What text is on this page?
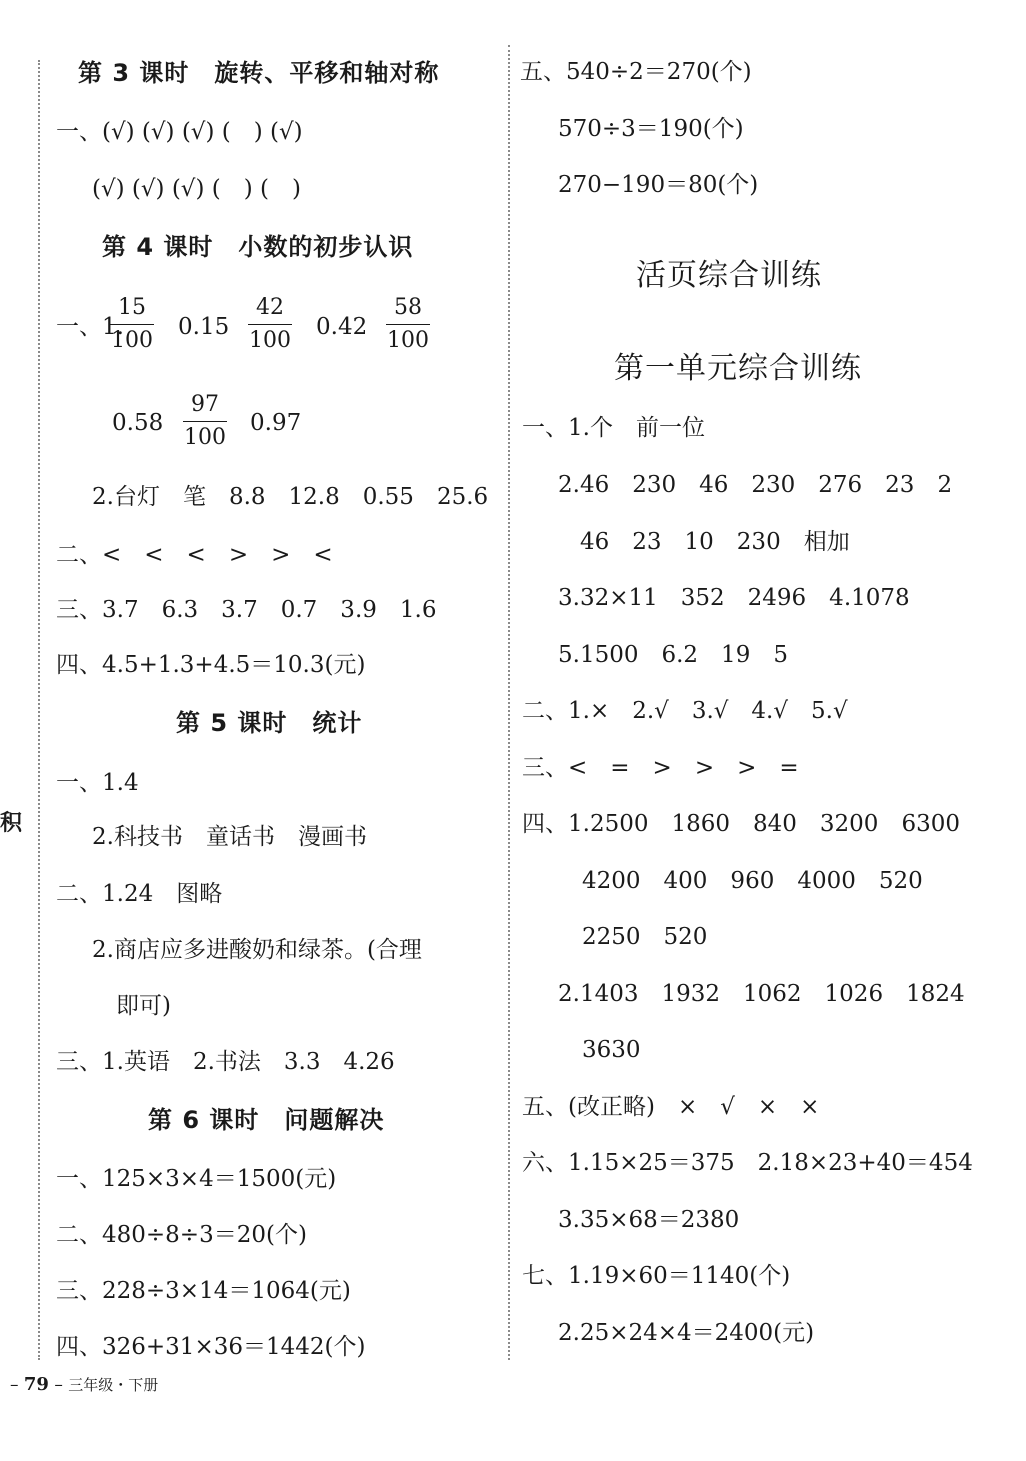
积
第 3 课时　旋转、平移和轴对称
一、(√) (√) (√) (　) (√)
(√) (√) (√) (　) (　)
第 4 课时　小数的初步认识
一、1.
15
100
0.15
42
100
0.42
58
100
0.58
97
100
0.97
2.台灯　笔　8.8　12.8　0.55　25.6
二、<　<　<　>　>　<
三、3.7　6.3　3.7　0.7　3.9　1.6
四、4.5+1.3+4.5＝10.3(元)
第 5 课时　统计
一、1.4
2.科技书　童话书　漫画书
二、1.24　图略
2.商店应多进酸奶和绿茶。(合理
即可)
三、1.英语　2.书法　3.3　4.26
第 6 课时　问题解决
一、125×3×4＝1500(元)
二、480÷8÷3＝20(个)
三、228÷3×14＝1064(元)
四、326+31×36＝1442(个)
五、540÷2＝270(个)
570÷3＝190(个)
270−190＝80(个)
活页综合训练
第一单元综合训练
一、1.个　前一位
2.46　230　46　230　276　23　2
46　23　10　230　相加
3.32×11　352　2496　4.1078
5.1500　6.2　19　5
二、1.×　2.√　3.√　4.√　5.√
三、<　=　>　>　>　=
四、1.2500　1860　840　3200　6300
4200　400　960　4000　520
2250　520
2.1403　1932　1062　1026　1824
3630
五、(改正略)　×　√　×　×
六、1.15×25＝375　2.18×23+40＝454
3.35×68＝2380
七、1.19×60＝1140(个)
2.25×24×4＝2400(元)
– 79 – 三年级・下册
